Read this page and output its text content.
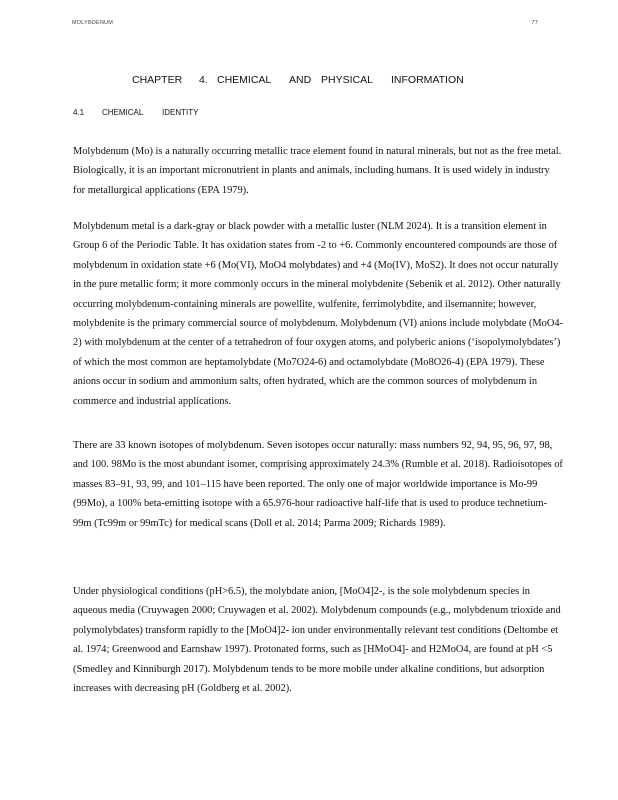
MOLYBDENUM	77

CHAPTER

4.

CHEMICAL

AND

PHYSICAL

INFORMATION

4.1

CHEMICAL

IDENTITY

Molybdenum (Mo) is a naturally occurring metallic trace element found in natural minerals, but not as the free metal. Biologically, it is an important micronutrient in plants and animals, including humans. It is used widely in industry for metallurgical applications (EPA 1979).

Molybdenum metal is a dark-gray or black powder with a metallic luster (NLM 2024). It is a transition element in Group 6 of the Periodic Table. It has oxidation states from -2 to +6. Commonly encountered compounds are those of molybdenum in oxidation state +6 (Mo(VI), MoO4 molybdates) and +4 (Mo(IV), MoS2). It does not occur naturally in the pure metallic form; it more commonly occurs in the mineral molybdenite (Sebenik et al. 2012). Other naturally occurring molybdenum-containing minerals are powellite, wulfenite, ferrimolybdite, and ilsemannite; however, molybdenite is the primary commercial source of molybdenum. Molybdenum (VI) anions include molybdate (MoO4-2) with molybdenum at the center of a tetrahedron of four oxygen atoms, and polyberic anions (‘isopolymolybdates’) of which the most common are heptamolybdate (Mo7O24-6) and octamolybdate (Mo8O26-4) (EPA 1979). These anions occur in sodium and ammonium salts, often hydrated, which are the common sources of molybdenum in commerce and industrial applications.

There are 33 known isotopes of molybdenum. Seven isotopes occur naturally: mass numbers 92, 94, 95, 96, 97, 98, and 100. 98Mo is the most abundant isomer, comprising approximately 24.3% (Rumble et al. 2018). Radioisotopes of masses 83–91, 93, 99, and 101–115 have been reported. The only one of major worldwide importance is Mo-99 (99Mo), a 100% beta-emitting isotope with a 65.976-hour radioactive half-life that is used to produce technetium-99m (Tc99m or 99mTc) for medical scans (Doll et al. 2014; Parma 2009; Richards 1989).

Under physiological conditions (pH>6.5), the molybdate anion, [MoO4]2-, is the sole molybdenum species in aqueous media (Cruywagen 2000; Cruywagen et al. 2002). Molybdenum compounds (e.g., molybdenum trioxide and polymolybdates) transform rapidly to the [MoO4]2- ion under environmentally relevant test conditions (Deltombe et al. 1974; Greenwood and Earnshaw 1997). Protonated forms, such as [HMoO4]- and H2MoO4, are found at pH <5 (Smedley and Kinniburgh 2017). Molybdenum tends to be more mobile under alkaline conditions, but adsorption increases with decreasing pH (Goldberg et al. 2002).
